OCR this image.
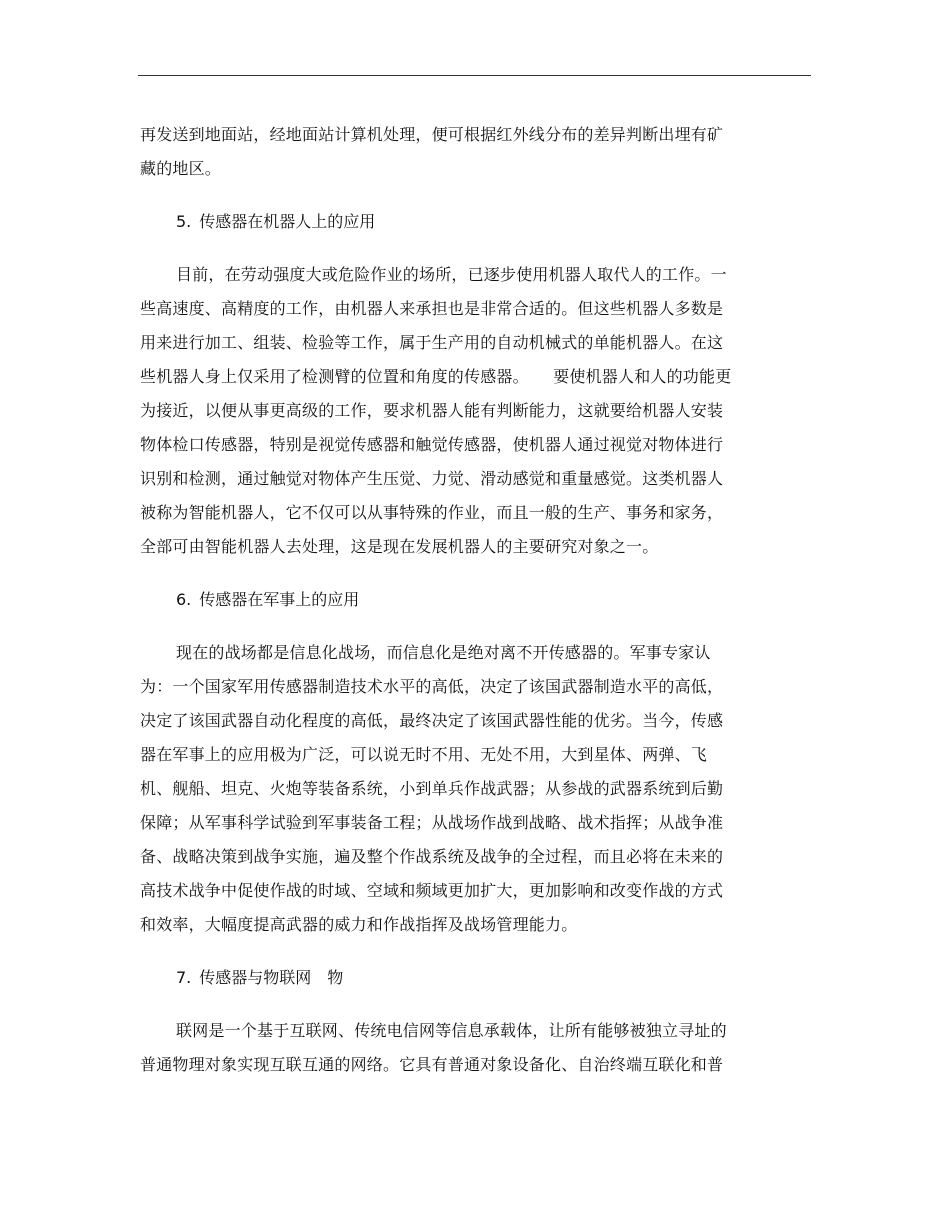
再发送到地面站，经地面站计算机处理，便可根据红外线分布的差异判断出埋有矿
藏的地区。
5. 传感器在机器人上的应用
目前，在劳动强度大或危险作业的场所，已逐步使用机器人取代人的工作。一
些高速度、高精度的工作，由机器人来承担也是非常合适的。但这些机器人多数是
用来进行加工、组装、检验等工作，属于生产用的自动机械式的单能机器人。在这
些机器人身上仅采用了检测臂的位置和角度的传感器。　　要使机器人和人的功能更
为接近，以便从事更高级的工作，要求机器人能有判断能力，这就要给机器人安装
物体检口传感器，特别是视觉传感器和触觉传感器，使机器人通过视觉对物体进行
识别和检测，通过触觉对物体产生压觉、力觉、滑动感觉和重量感觉。这类机器人
被称为智能机器人，它不仅可以从事特殊的作业，而且一般的生产、事务和家务，
全部可由智能机器人去处理，这是现在发展机器人的主要研究对象之一。
6. 传感器在军事上的应用
现在的战场都是信息化战场，而信息化是绝对离不开传感器的。军事专家认
为：一个国家军用传感器制造技术水平的高低，决定了该国武器制造水平的高低，
决定了该国武器自动化程度的高低，最终决定了该国武器性能的优劣。当今，传感
器在军事上的应用极为广泛，可以说无时不用、无处不用，大到星体、两弹、飞
机、舰船、坦克、火炮等装备系统，小到单兵作战武器；从参战的武器系统到后勤
保障；从军事科学试验到军事装备工程；从战场作战到战略、战术指挥；从战争准
备、战略决策到战争实施，遍及整个作战系统及战争的全过程，而且必将在未来的
高技术战争中促使作战的时域、空域和频域更加扩大，更加影响和改变作战的方式
和效率，大幅度提高武器的威力和作战指挥及战场管理能力。
7. 传感器与物联网　物
联网是一个基于互联网、传统电信网等信息承载体，让所有能够被独立寻址的
普通物理对象实现互联互通的网络。它具有普通对象设备化、自治终端互联化和普
